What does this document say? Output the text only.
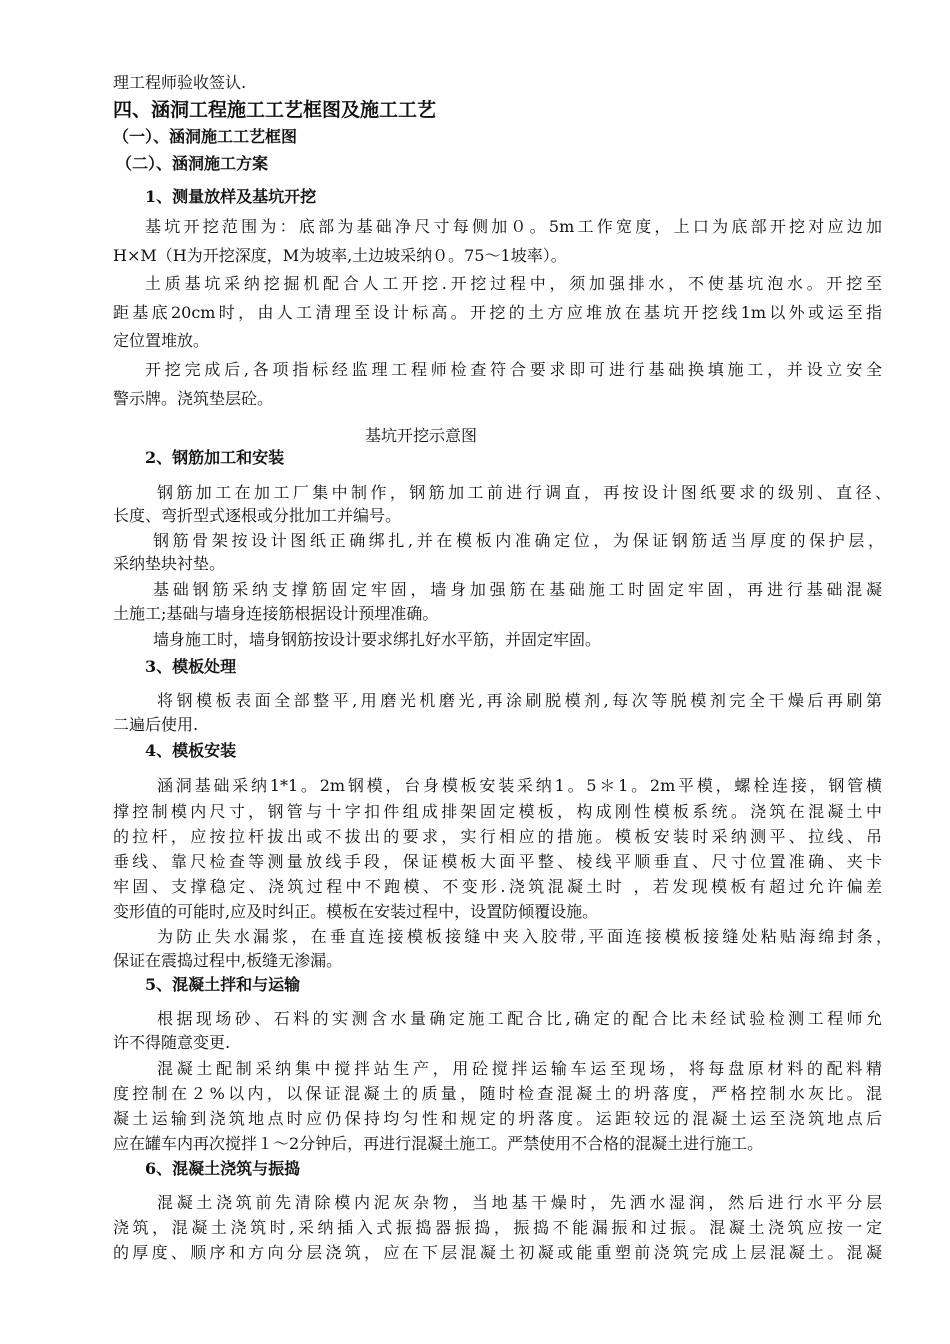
理工程师验收签认.
四、涵洞工程施工工艺框图及施工工艺
（一）、涵洞施工工艺框图
（二）、涵洞施工方案
1、测量放样及基坑开挖
基坑开挖范围为：底部为基础净尺寸每侧加０。5m工作宽度，上口为底部开挖对应边加
H×M（H为开挖深度，M为坡率,土边坡采纳０。75～1坡率）。
土质基坑采纳挖掘机配合人工开挖.开挖过程中，须加强排水，不使基坑泡水。开挖至
距基底20cm时，由人工清理至设计标高。开挖的土方应堆放在基坑开挖线1m以外或运至指
定位置堆放。
开挖完成后,各项指标经监理工程师检查符合要求即可进行基础换填施工，并设立安全
警示牌。浇筑垫层砼。
基坑开挖示意图
2、钢筋加工和安装
钢筋加工在加工厂集中制作，钢筋加工前进行调直，再按设计图纸要求的级别、直径、
长度、弯折型式逐根或分批加工并编号。
钢筋骨架按设计图纸正确绑扎,并在模板内准确定位，为保证钢筋适当厚度的保护层，
采纳垫块衬垫。
基础钢筋采纳支撑筋固定牢固，墙身加强筋在基础施工时固定牢固，再进行基础混凝
土施工;基础与墙身连接筋根据设计预埋准确。
墙身施工时，墙身钢筋按设计要求绑扎好水平筋，并固定牢固。
3、模板处理
将钢模板表面全部整平,用磨光机磨光,再涂刷脱模剂,每次等脱模剂完全干燥后再刷第
二遍后使用.
4、模板安装
涵洞基础采纳1*1。2m钢模，台身模板安装采纳1。5＊1。2m平模，螺栓连接，钢管横
撑控制模内尺寸，钢管与十字扣件组成排架固定模板，构成刚性模板系统。浇筑在混凝土中
的拉杆，应按拉杆拔出或不拔出的要求，实行相应的措施。模板安装时采纳测平、拉线、吊
垂线、靠尺检查等测量放线手段，保证模板大面平整、棱线平顺垂直、尺寸位置准确、夹卡
牢固、支撑稳定、浇筑过程中不跑模、不变形.浇筑混凝土时 ，若发现模板有超过允许偏差
变形值的可能时,应及时纠正。模板在安装过程中，设置防倾覆设施。
为防止失水漏浆，在垂直连接模板接缝中夹入胶带,平面连接模板接缝处粘贴海绵封条，
保证在震捣过程中,板缝无渗漏。
5、混凝土拌和与运输
根据现场砂、石料的实测含水量确定施工配合比,确定的配合比未经试验检测工程师允
许不得随意变更.
混凝土配制采纳集中搅拌站生产，用砼搅拌运输车运至现场，将每盘原材料的配料精
度控制在２%以内，以保证混凝土的质量，随时检查混凝土的坍落度，严格控制水灰比。混
凝土运输到浇筑地点时应仍保持均匀性和规定的坍落度。运距较远的混凝土运至浇筑地点后
应在罐车内再次搅拌１～2分钟后，再进行混凝土施工。严禁使用不合格的混凝土进行施工。
6、混凝土浇筑与振捣
混凝土浇筑前先清除模内泥灰杂物，当地基干燥时，先洒水湿润，然后进行水平分层
浇筑，混凝土浇筑时,采纳插入式振捣器振捣，振捣不能漏振和过振。混凝土浇筑应按一定
的厚度、顺序和方向分层浇筑，应在下层混凝土初凝或能重塑前浇筑完成上层混凝土。混凝
